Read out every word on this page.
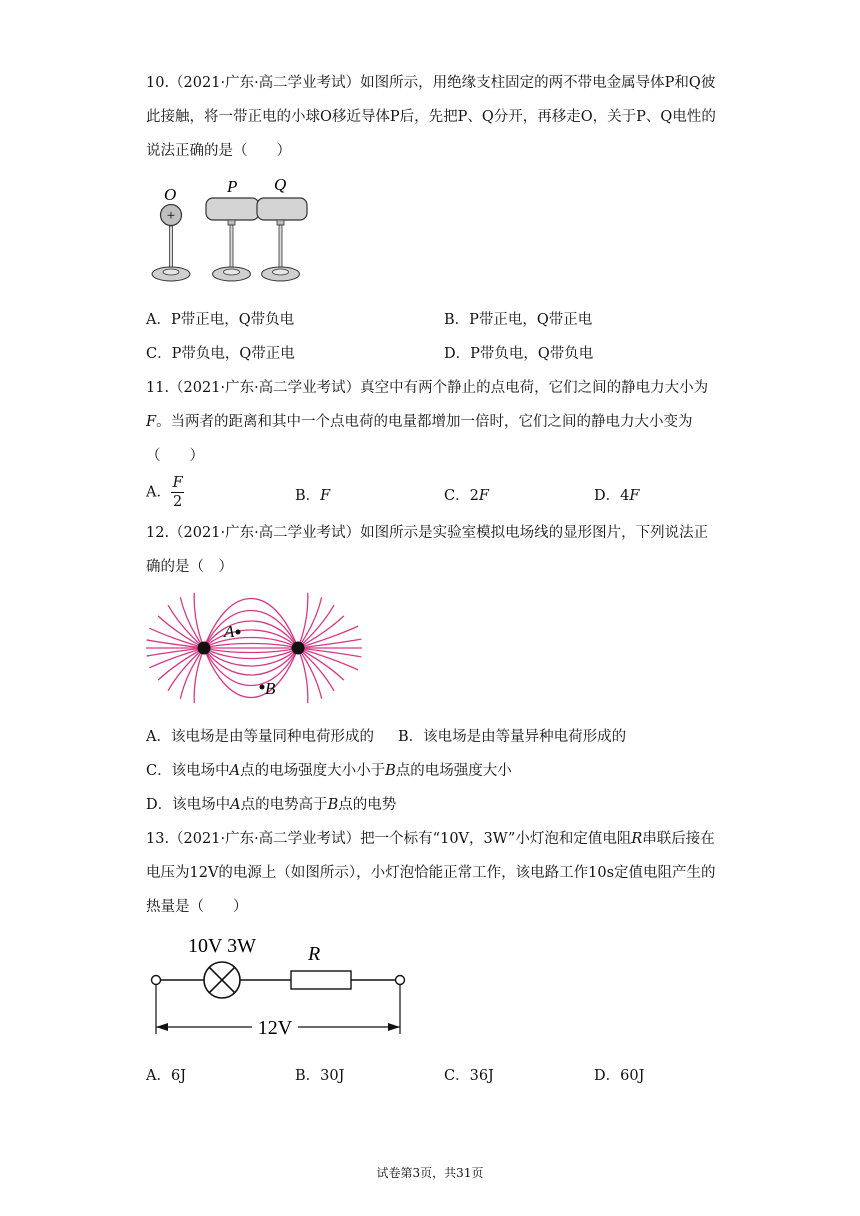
10.（2021·广东·高二学业考试）如图所示，用绝缘支柱固定的两不带电金属导体P和Q彼此接触，将一带正电的小球O移近导体P后，先把P、Q分开，再移走O，关于P、Q电性的说法正确的是（　　）
O
+
P Q
A．P带正电，Q带负电	B．P带正电，Q带正电
C．P带负电，Q带正电	D．P带负电，Q带负电
11.（2021·广东·高二学业考试）真空中有两个静止的点电荷，它们之间的静电力大小为F。当两者的距离和其中一个点电荷的电量都增加一倍时，它们之间的静电力大小变为（　　）
A． $\frac{F}{2}$	B．F	C．2F	D．4F
12.（2021·广东·高二学业考试）如图所示是实验室模拟电场线的显形图片，下列说法正确的是（　）
A
B
A．该电场是由等量同种电荷形成的 B．该电场是由等量异种电荷形成的
C．该电场中A点的电场强度大小小于B点的电场强度大小
D．该电场中A点的电势高于B点的电势
13.（2021·广东·高二学业考试）把一个标有“10V，3W”小灯泡和定值电阻R串联后接在电压为12V的电源上（如图所示），小灯泡恰能正常工作，该电路工作10s定值电阻产生的热量是（　　）
10V 3W	R
12V
A．6J	B．30J	C．36J	D．60J
试卷第3页，共31页
